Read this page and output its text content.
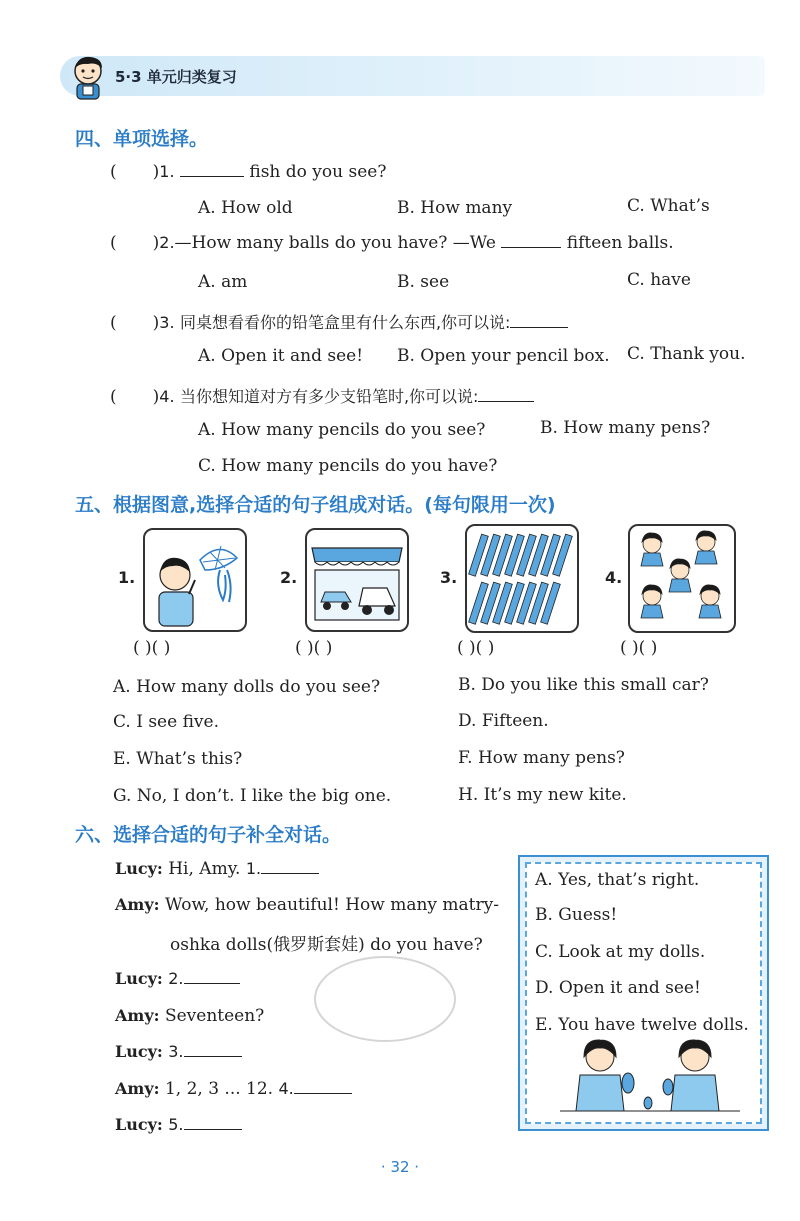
5·3 单元归类复习
四、单项选择。
( )1.	fish do you see?
A. How old	B. How many	C. What’s
( )2.—How many balls do you have? —We	fifteen balls.
A. am	B. see	C. have
( )3. 同桌想看看你的铅笔盒里有什么东西,你可以说:
A. Open it and see! B. Open your pencil box. C. Thank you.
( )4. 当你想知道对方有多少支铅笔时,你可以说:
A. How many pencils do you see?	B. How many pens?
C. How many pencils do you have?
五、根据图意,选择合适的句子组成对话。(每句限用一次)
1.
( )( )
2.
( )( )
3.
( )( )
4.
( )( )
A. How many dolls do you see?	B. Do you like this small car?
C. I see five.	D. Fifteen.
E. What’s this?	F. How many pens?
G. No, I don’t. I like the big one.	H. It’s my new kite.
六、选择合适的句子补全对话。
Lucy: Hi, Amy. 1.
Amy: Wow, how beautiful! How many matry-
oshka dolls(俄罗斯套娃) do you have?
Lucy: 2.
Amy: Seventeen?
Lucy: 3.
Amy: 1, 2, 3 ... 12. 4.
Lucy: 5.
A. Yes, that’s right.
B. Guess!
C. Look at my dolls.
D. Open it and see!
E. You have twelve dolls.
· 32 ·
